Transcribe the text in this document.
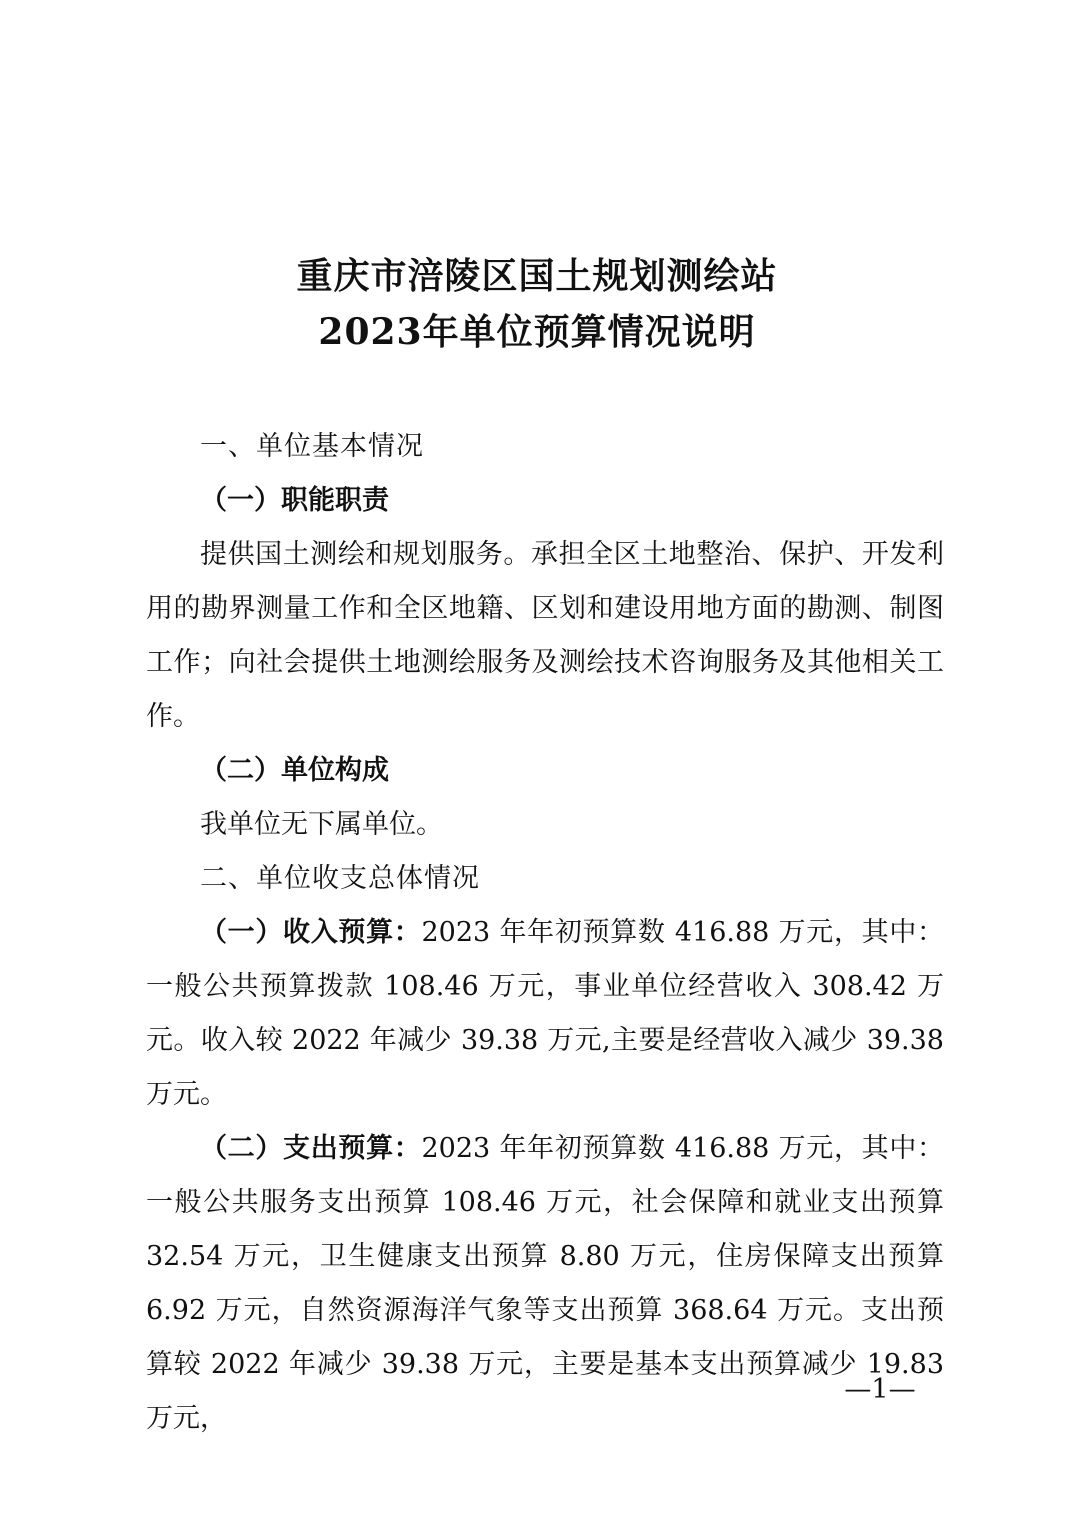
重庆市涪陵区国土规划测绘站
2023年单位预算情况说明

一、单位基本情况

（一）职能职责

提供国土测绘和规划服务。承担全区土地整治、保护、开发利用的勘界测量工作和全区地籍、区划和建设用地方面的勘测、制图工作；向社会提供土地测绘服务及测绘技术咨询服务及其他相关工作。

（二）单位构成

我单位无下属单位。

二、单位收支总体情况

（一）收入预算：2023 年年初预算数 416.88 万元，其中：一般公共预算拨款 108.46 万元，事业单位经营收入 308.42 万元。收入较 2022 年减少 39.38 万元,主要是经营收入减少 39.38 万元。

（二）支出预算：2023 年年初预算数 416.88 万元，其中：一般公共服务支出预算 108.46 万元，社会保障和就业支出预算 32.54 万元，卫生健康支出预算 8.80 万元，住房保障支出预算 6.92 万元，自然资源海洋气象等支出预算 368.64 万元。支出预算较 2022 年减少 39.38 万元，主要是基本支出预算减少 19.83 万元，

—1—
